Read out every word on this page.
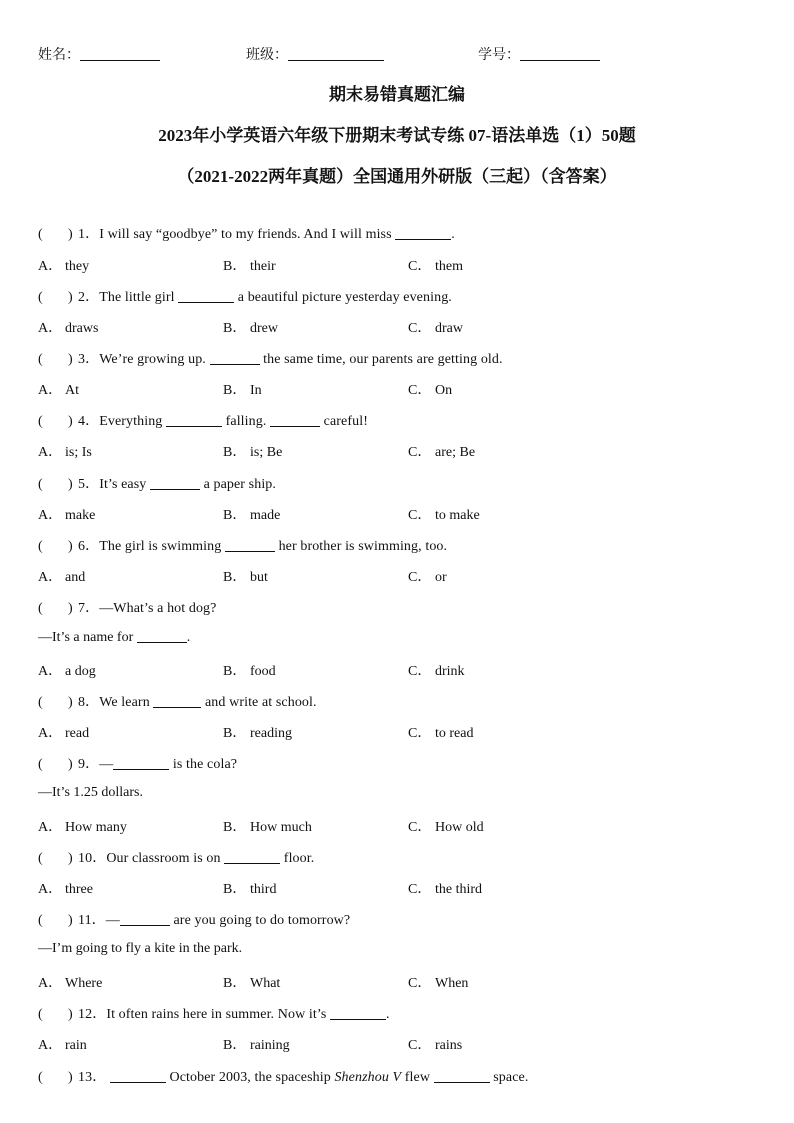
姓名：	班级：	学号：
期末易错真题汇编
2023年小学英语六年级下册期末考试专练 07-语法单选（1）50题
（2021-2022两年真题）全国通用外研版（三起）（含答案）
( ) 1．I will say “goodbye” to my friends. And I will miss	.
A． they	B． their	C． them
( ) 2．The little girl	a beautiful picture yesterday evening.
A． draws	B． drew	C． draw
( ) 3．We’re growing up.	the same time, our parents are getting old.
A． At	B． In	C． On
( ) 4．Everything	falling.	careful!
A． is; Is	B． is; Be	C． are; Be
( ) 5．It’s easy	a paper ship.
A． make	B． made	C． to make
( ) 6．The girl is swimming	her brother is swimming, too.
A． and	B． but	C． or
( ) 7．—What’s a hot dog?
—It’s a name for	.
A． a dog	B． food	C． drink
( ) 8．We learn	and write at school.
A． read	B． reading	C． to read
( ) 9．—	is the cola?
—It’s 1.25 dollars.
A． How many	B． How much	C． How old
( ) 10．Our classroom is on	floor.
A． three	B． third	C． the third
( ) 11．—	are you going to do tomorrow?
—I’m going to fly a kite in the park.
A． Where	B． What	C． When
( ) 12．It often rains here in summer. Now it’s	.
A． rain	B． raining	C． rains
( ) 13．	October 2003, the spaceship Shenzhou V flew	space.
